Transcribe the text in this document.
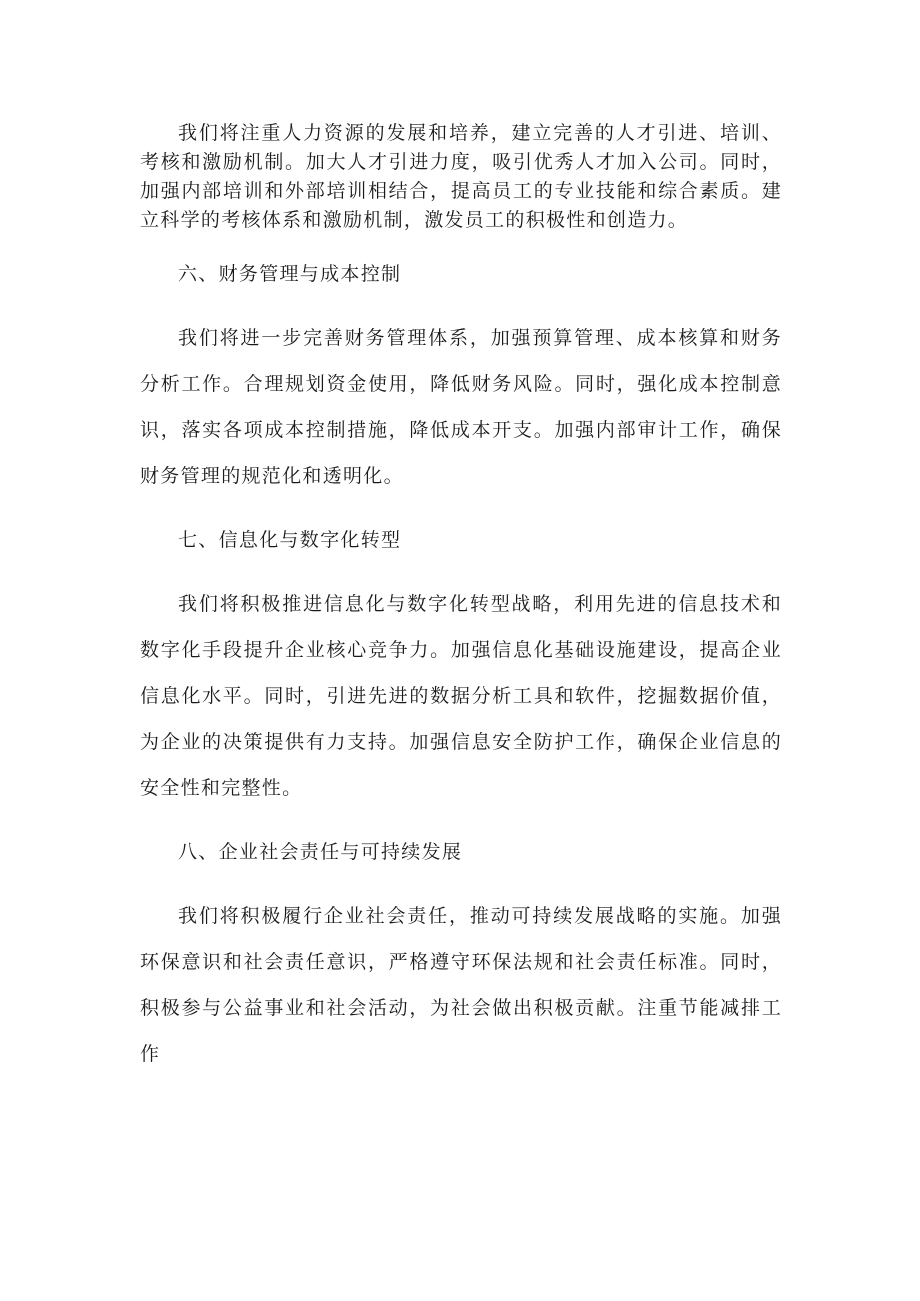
我们将注重人力资源的发展和培养，建立完善的人才引进、培训、考核和激励机制。加大人才引进力度，吸引优秀人才加入公司。同时，加强内部培训和外部培训相结合，提高员工的专业技能和综合素质。建立科学的考核体系和激励机制，激发员工的积极性和创造力。

六、财务管理与成本控制

我们将进一步完善财务管理体系，加强预算管理、成本核算和财务分析工作。合理规划资金使用，降低财务风险。同时，强化成本控制意识，落实各项成本控制措施，降低成本开支。加强内部审计工作，确保财务管理的规范化和透明化。

七、信息化与数字化转型

我们将积极推进信息化与数字化转型战略，利用先进的信息技术和数字化手段提升企业核心竞争力。加强信息化基础设施建设，提高企业信息化水平。同时，引进先进的数据分析工具和软件，挖掘数据价值，为企业的决策提供有力支持。加强信息安全防护工作，确保企业信息的安全性和完整性。

八、企业社会责任与可持续发展

我们将积极履行企业社会责任，推动可持续发展战略的实施。加强环保意识和社会责任意识，严格遵守环保法规和社会责任标准。同时，积极参与公益事业和社会活动，为社会做出积极贡献。注重节能减排工作
